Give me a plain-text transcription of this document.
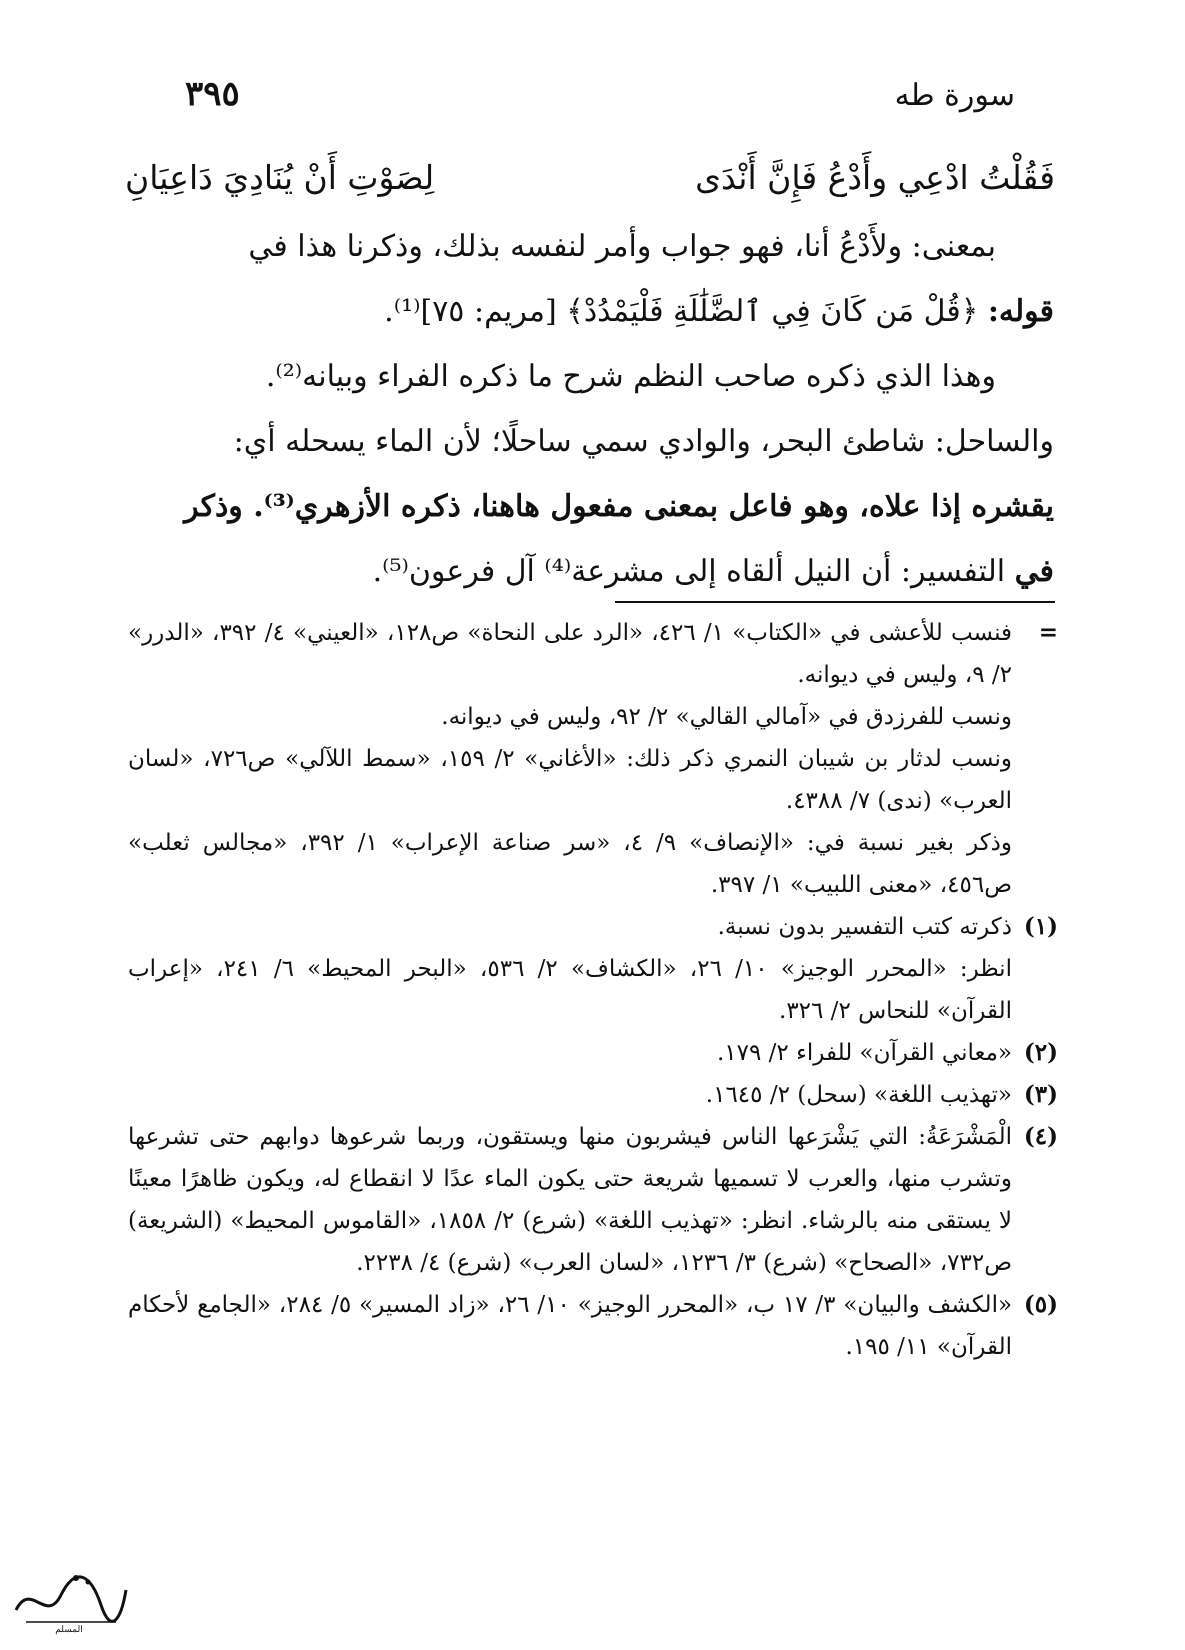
سورة طه
٣٩٥
فَقُلْتُ ادْعِي وأَدْعُ فَإِنَّ أَنْدَى
لِصَوْتِ أَنْ يُنَادِيَ دَاعِيَانِ

بمعنى: ولأَدْعُ أنا، فهو جواب وأمر لنفسه بذلك، وذكرنا هذا في

قوله: ﴿قُلْ مَن كَانَ فِي ٱلضَّلَٰلَةِ فَلْيَمْدُدْ﴾ [مريم: ٧٥]⁽¹⁾.

وهذا الذي ذكره صاحب النظم شرح ما ذكره الفراء وبيانه⁽²⁾.

والساحل: شاطئ البحر، والوادي سمي ساحلًا؛ لأن الماء يسحله أي:

يقشره إذا علاه، وهو فاعل بمعنى مفعول هاهنا، ذكره الأزهري⁽³⁾. وذكر

في التفسير: أن النيل ألقاه إلى مشرعة⁽⁴⁾ آل فرعون⁽⁵⁾.

=
فنسب للأعشى في «الكتاب» ١/ ٤٢٦، «الرد على النحاة» ص١٢٨، «العيني» ٤/ ٣٩٢، «الدرر» ٢/ ٩، وليس في ديوانه.
ونسب للفرزدق في «آمالي القالي» ٢/ ٩٢، وليس في ديوانه.
ونسب لدثار بن شيبان النمري ذكر ذلك: «الأغاني» ٢/ ١٥٩، «سمط اللآلي» ص٧٢٦، «لسان العرب» (ندى) ٧/ ٤٣٨٨.
وذكر بغير نسبة في: «الإنصاف» ٩/ ٤، «سر صناعة الإعراب» ١/ ٣٩٢، «مجالس ثعلب» ص٤٥٦، «معنى اللبيب» ١/ ٣٩٧.
(١)
ذكرته كتب التفسير بدون نسبة.
انظر: «المحرر الوجيز» ١٠/ ٢٦، «الكشاف» ٢/ ٥٣٦، «البحر المحيط» ٦/ ٢٤١، «إعراب القرآن» للنحاس ٢/ ٣٢٦.
(٢)
«معاني القرآن» للفراء ٢/ ١٧٩.
(٣)
«تهذيب اللغة» (سحل) ٢/ ١٦٤٥.
(٤)
الْمَشْرَعَةُ: التي يَشْرَعها الناس فيشربون منها ويستقون، وربما شرعوها دوابهم حتى تشرعها وتشرب منها، والعرب لا تسميها شريعة حتى يكون الماء عدًا لا انقطاع له، ويكون ظاهرًا معينًا لا يستقى منه بالرشاء. انظر: «تهذيب اللغة» (شرع) ٢/ ١٨٥٨، «القاموس المحيط» (الشريعة) ص٧٣٢، «الصحاح» (شرع) ٣/ ١٢٣٦، «لسان العرب» (شرع) ٤/ ٢٢٣٨.
(٥)
«الكشف والبيان» ٣/ ١٧ ب، «المحرر الوجيز» ١٠/ ٢٦، «زاد المسير» ٥/ ٢٨٤، «الجامع لأحكام القرآن» ١١/ ١٩٥.
المسلم
